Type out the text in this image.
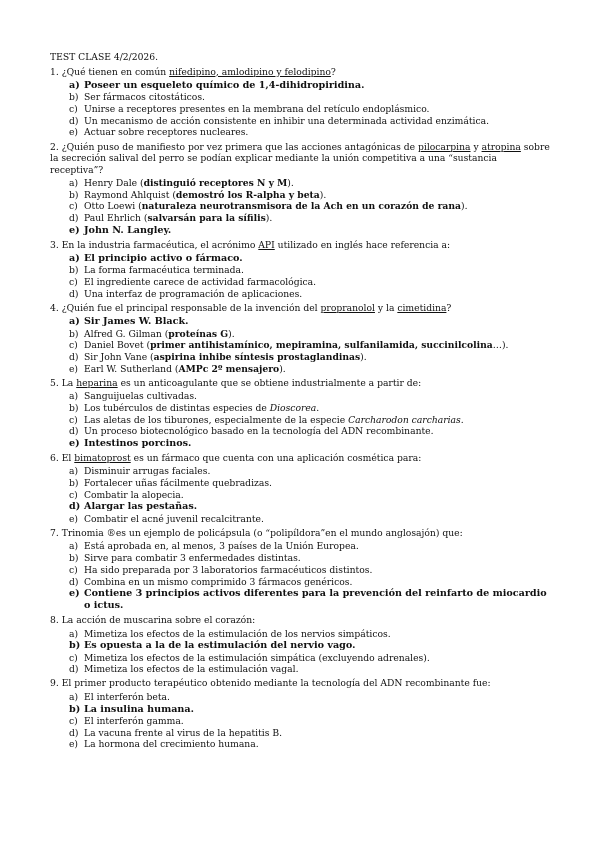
TEST CLASE 4/2/2026.
1. ¿Qué tienen en común nifedipino, amlodipino y felodipino?
a) Poseer un esqueleto químico de 1,4-dihidropiridina.
b) Ser fármacos citostáticos.
c) Unirse a receptores presentes en la membrana del retículo endoplásmico.
d) Un mecanismo de acción consistente en inhibir una determinada actividad enzimática.
e) Actuar sobre receptores nucleares.
2. ¿Quién puso de manifiesto por vez primera que las acciones antagónicas de pilocarpina y atropina sobre la secreción salival del perro se podían explicar mediante la unión competitiva a una “sustancia receptiva”?
a) Henry Dale (distinguió receptores N y M).
b) Raymond Ahlquist (demostró los R-alpha y beta).
c) Otto Loewi (naturaleza neurotransmisora de la Ach en un corazón de rana).
d) Paul Ehrlich (salvarsán para la sífilis).
e) John N. Langley.
3. En la industria farmacéutica, el acrónimo API utilizado en inglés hace referencia a:
a) El principio activo o fármaco.
b) La forma farmacéutica terminada.
c) El ingrediente carece de actividad farmacológica.
d) Una interfaz de programación de aplicaciones.
4. ¿Quién fue el principal responsable de la invención del propranolol y la cimetidina?
a) Sir James W. Black.
b) Alfred G. Gilman (proteínas G).
c) Daniel Bovet (primer antihistamínico, mepiramina, sulfanilamida, succinilcolina…).
d) Sir John Vane (aspirina inhibe síntesis prostaglandinas).
e) Earl W. Sutherland (AMPc 2º mensajero).
5. La heparina es un anticoagulante que se obtiene industrialmente a partir de:
a) Sanguijuelas cultivadas.
b) Los tubérculos de distintas especies de Dioscorea.
c) Las aletas de los tiburones, especialmente de la especie Carcharodon carcharias.
d) Un proceso biotecnológico basado en la tecnología del ADN recombinante.
e) Intestinos porcinos.
6. El bimatoprost es un fármaco que cuenta con una aplicación cosmética para:
a) Disminuir arrugas faciales.
b) Fortalecer uñas fácilmente quebradizas.
c) Combatir la alopecia.
d) Alargar las pestañas.
e) Combatir el acné juvenil recalcitrante.
7. Trinomia ®es un ejemplo de policápsula (o “polipíldora”en el mundo anglosajón) que:
a) Está aprobada en, al menos, 3 países de la Unión Europea.
b) Sirve para combatir 3 enfermedades distintas.
c) Ha sido preparada por 3 laboratorios farmacéuticos distintos.
d) Combina en un mismo comprimido 3 fármacos genéricos.
e) Contiene 3 principios activos diferentes para la prevención del reinfarto de miocardio o ictus.
8. La acción de muscarina sobre el corazón:
a) Mimetiza los efectos de la estimulación de los nervios simpáticos.
b) Es opuesta a la de la estimulación del nervio vago.
c) Mimetiza los efectos de la estimulación simpática (excluyendo adrenales).
d) Mimetiza los efectos de la estimulación vagal.
9. El primer producto terapéutico obtenido mediante la tecnología del ADN recombinante fue:
a) El interferón beta.
b) La insulina humana.
c) El interferón gamma.
d) La vacuna frente al virus de la hepatitis B.
e) La hormona del crecimiento humana.
